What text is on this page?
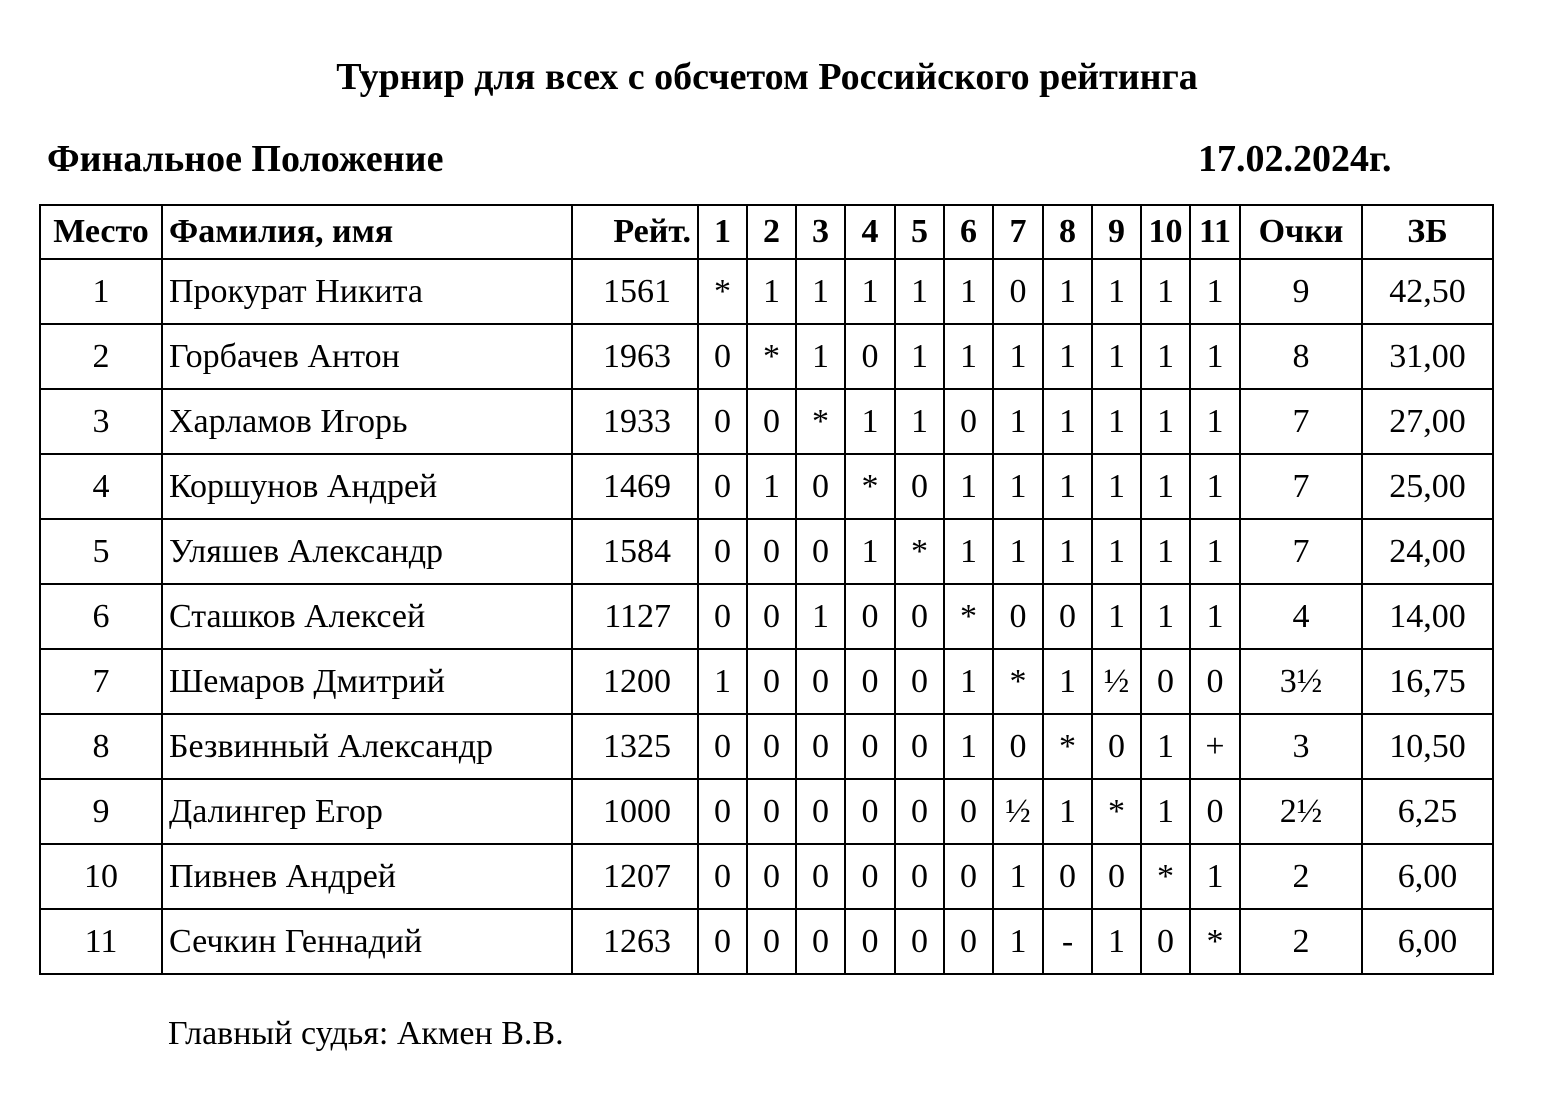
Турнир для всех с обсчетом Российского рейтинга
Финальное Положение	17.02.2024г.
Место	Фамилия, имя	Рейт.	1	2	3	4	5	6	7	8	9	10	11	Очки	ЗБ
1	Прокурат Никита	1561	*	1	1	1	1	1	0	1	1	1	1	9	42,50
2	Горбачев Антон	1963	0	*	1	0	1	1	1	1	1	1	1	8	31,00
3	Харламов Игорь	1933	0	0	*	1	1	0	1	1	1	1	1	7	27,00
4	Коршунов Андрей	1469	0	1	0	*	0	1	1	1	1	1	1	7	25,00
5	Уляшев Александр	1584	0	0	0	1	*	1	1	1	1	1	1	7	24,00
6	Сташков Алексей	1127	0	0	1	0	0	*	0	0	1	1	1	4	14,00
7	Шемаров Дмитрий	1200	1	0	0	0	0	1	*	1	½	0	0	3½	16,75
8	Безвинный Александр	1325	0	0	0	0	0	1	0	*	0	1	+	3	10,50
9	Далингер Егор	1000	0	0	0	0	0	0	½	1	*	1	0	2½	6,25
10	Пивнев Андрей	1207	0	0	0	0	0	0	1	0	0	*	1	2	6,00
11	Сечкин Геннадий	1263	0	0	0	0	0	0	1	-	1	0	*	2	6,00
Главный судья: Акмен В.В.
